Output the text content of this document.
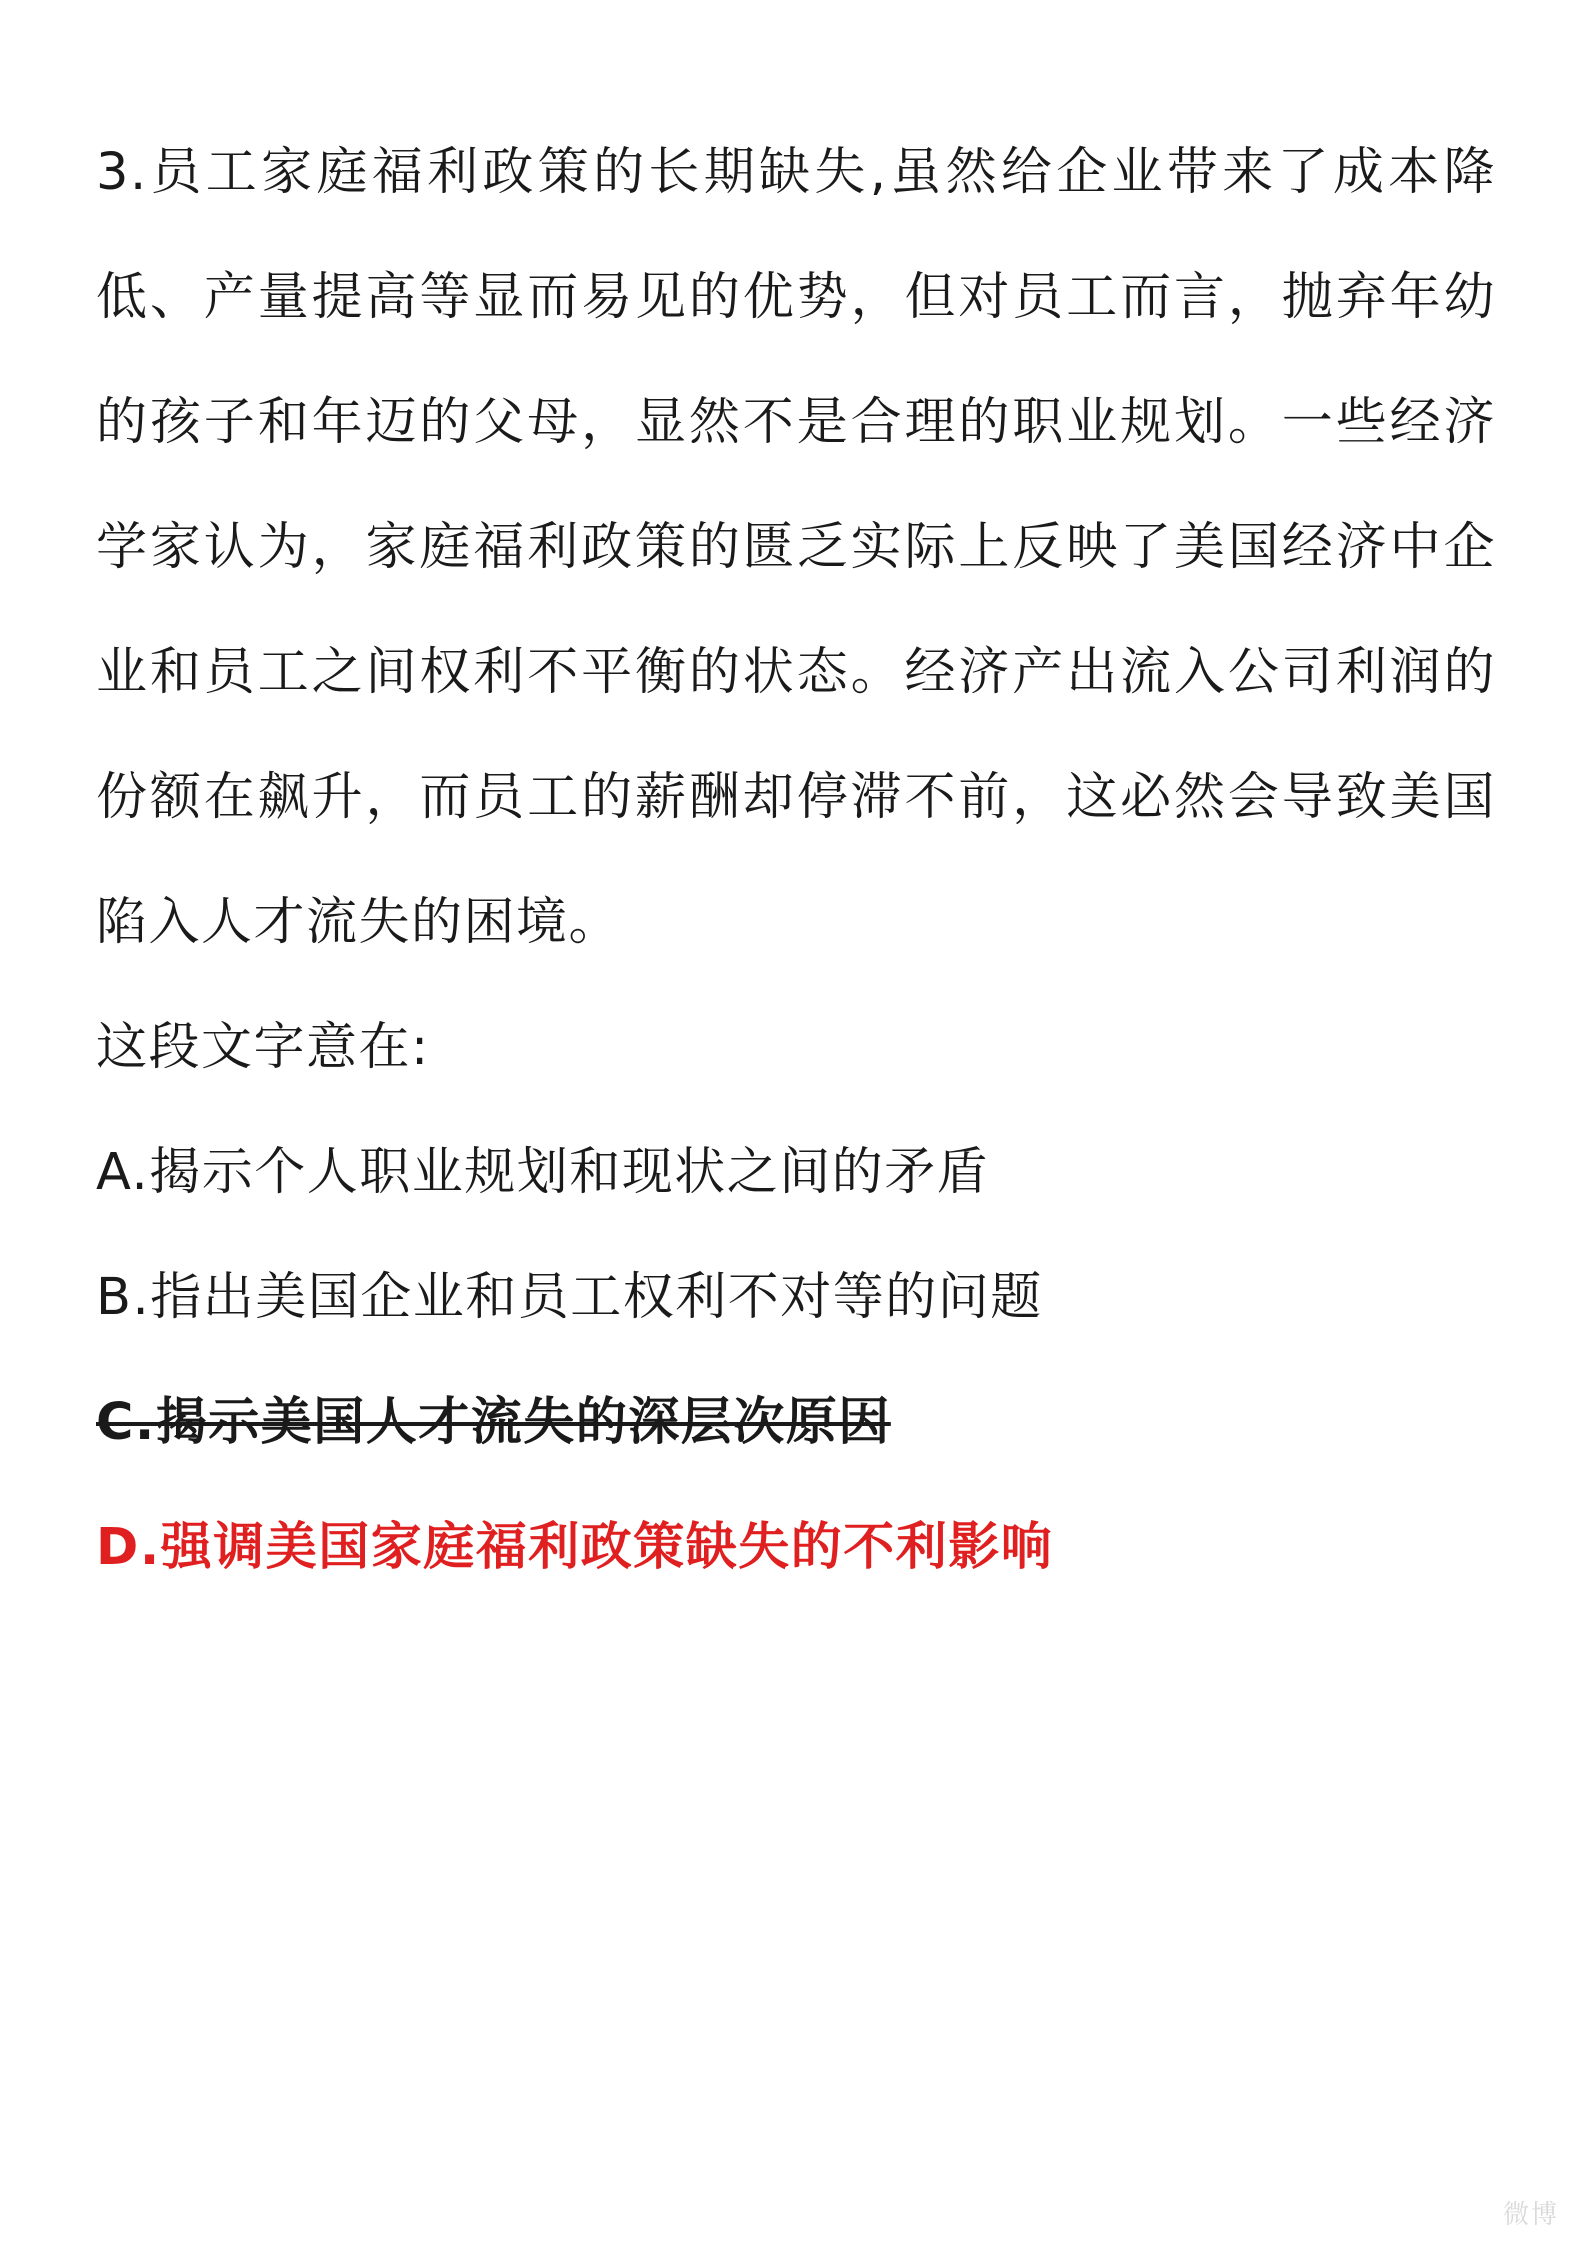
3.员工家庭福利政策的长期缺失,虽然给企业带来了成本降低、产量提高等显而易见的优势，但对员工而言，抛弃年幼的孩子和年迈的父母，显然不是合理的职业规划。一些经济学家认为，家庭福利政策的匮乏实际上反映了美国经济中企业和员工之间权利不平衡的状态。经济产出流入公司利润的份额在飙升，而员工的薪酬却停滞不前，这必然会导致美国陷入人才流失的困境。

这段文字意在:

A.揭示个人职业规划和现状之间的矛盾
B.指出美国企业和员工权利不对等的问题
C.揭示美国人才流失的深层次原因
D.强调美国家庭福利政策缺失的不利影响
微博
